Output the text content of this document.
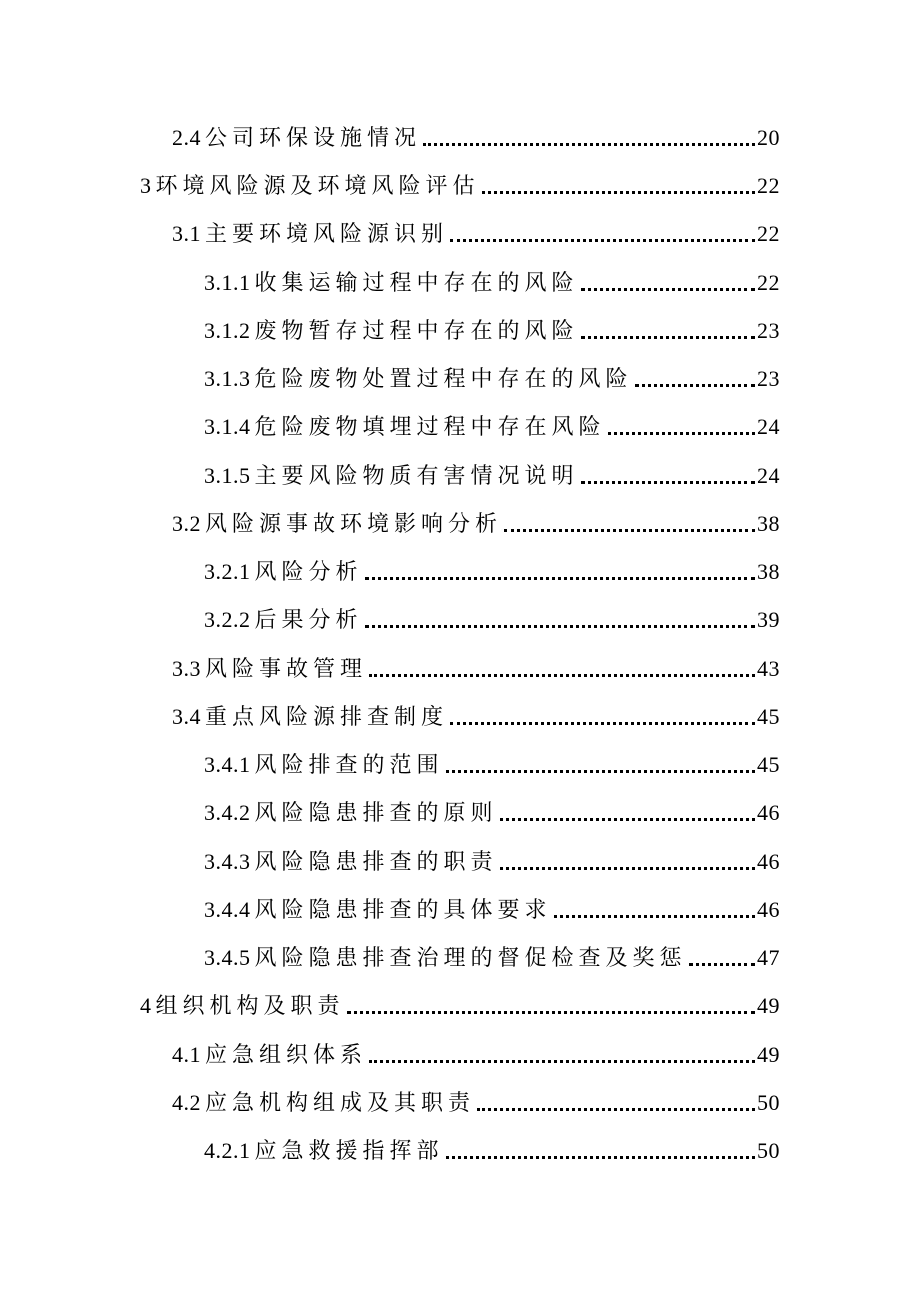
2.4 公司环保设施情况	20
3 环境风险源及环境风险评估	22
3.1 主要环境风险源识别	22
3.1.1 收集运输过程中存在的风险	22
3.1.2 废物暂存过程中存在的风险	23
3.1.3 危险废物处置过程中存在的风险	23
3.1.4 危险废物填埋过程中存在风险	24
3.1.5 主要风险物质有害情况说明	24
3.2 风险源事故环境影响分析	38
3.2.1 风险分析	38
3.2.2 后果分析	39
3.3 风险事故管理	43
3.4 重点风险源排查制度	45
3.4.1 风险排查的范围	45
3.4.2 风险隐患排查的原则	46
3.4.3 风险隐患排查的职责	46
3.4.4 风险隐患排查的具体要求	46
3.4.5 风险隐患排查治理的督促检查及奖惩	47
4 组织机构及职责	49
4.1 应急组织体系	49
4.2 应急机构组成及其职责	50
4.2.1 应急救援指挥部	50
